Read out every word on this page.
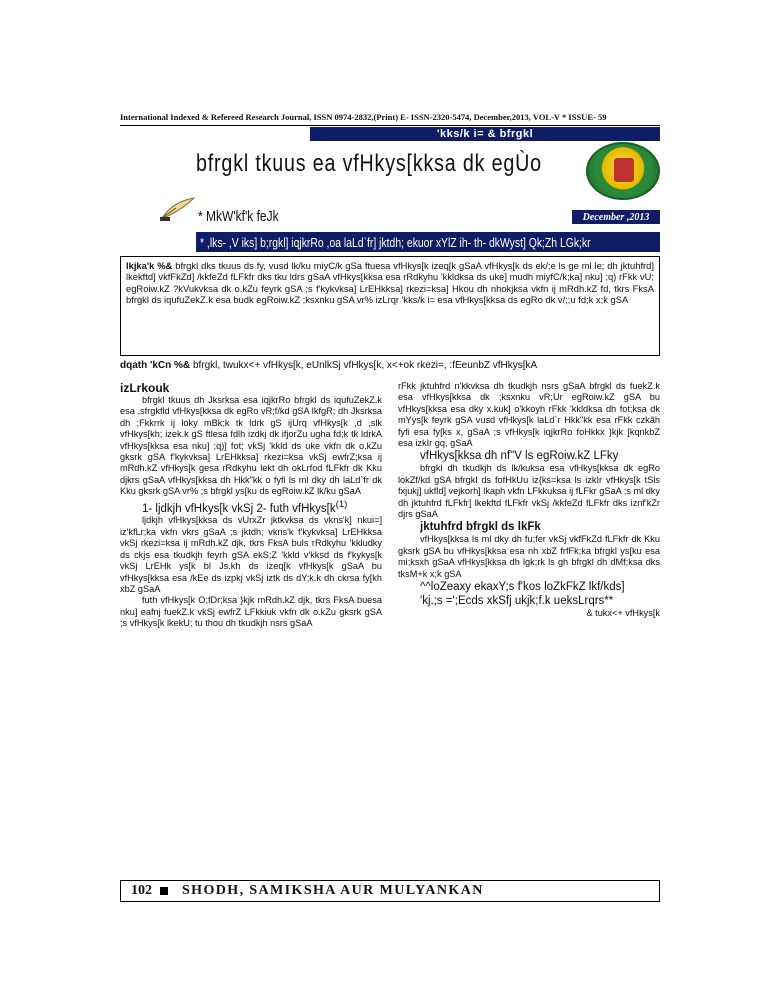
International Indexed & Refereed Research Journal, ISSN 0974-2832,(Print) E- ISSN-2320-5474, December,2013, VOL-V * ISSUE- 59
'kks/k i= & bfrgkl
bfrgkl tkuus ea vfHkys[kksa dk egÙo
* MkW'kf'k feJk	December ,2013
* ,lks- ,V iks] b;rgkl] iqjkrRo ,oa laLd`fr] jktdh; ekuor xYlZ ih- th- dkWyst] Qk;Zh LGk;kr
lkjka'k %& bfrgkl dks tkuus ds fy, vusd lk/ku miyC/k gSa ftuesa vfHkys[k izeq[k gSaA vfHkys[k ds ek/;e ls ge ml le; dh jktuhfrd] lkekftd] vkfFkZd] /kkfeZd fLFkfr dks tku ldrs gSaA vfHkys[kksa esa rRdkyhu 'kkldksa ds uke] mudh miyfC/k;ka] nku] ;q) rFkk vU; egRoiw.kZ ?kVukvksa dk o.kZu feyrk gSA ;s f'kykvksa] LrEHkksa] rkezi=ksa] Hkou dh nhokjksa vkfn ij mRdh.kZ fd, tkrs FksA bfrgkl ds iqufuZekZ.k esa budk egRoiw.kZ ;ksxnku gSA vr% izLrqr 'kks/k i= esa vfHkys[kksa ds egRo dk v/;;u fd;k x;k gSA
dqath 'kCn %& bfrgkl, twukx<+ vfHkys[k, eUnlkSj vfHkys[k, x<+ok rkezi=, :fEeunbZ vfHkys[kA

izLrkouk

bfrgkl tkuus dh Jksrksa esa iqjkrRo bfrgkl ds iqufuZekZ.k esa ,sfrgkfld vfHkys[kksa dk egRo vR;f/kd gSA lkfgR; dh Jksrksa dh ;Fkkrrk ij loky mBk;k tk ldrk gS ijUrq vfHkys[k ,d ,slk vfHkys[kh; izek.k gS ftlesa fdlh izdkj dk ifjorZu ugha fd;k tk ldrkA vfHkys[kksa esa nku] ;q)] fot; vkSj 'kkld ds uke vkfn dk o.kZu gksrk gSA f'kykvksa] LrEHkksa] rkezi=ksa vkSj ewfrZ;ksa ij mRdh.kZ vfHkys[k gesa rRdkyhu lekt dh okLrfod fLFkfr dk Kku djkrs gSaA vfHkys[kksa dh Hkk"kk o fyfi ls ml dky dh laLd`fr dk Kku gksrk gSA vr% ;s bfrgkl ys[ku ds egRoiw.kZ lk/ku gSaA

1- ljdkjh vfHkys[k vkSj 2- futh $vfHkys[k^{(1)}$

ljdkjh vfHkys[kksa ds vUrxZr jktkvksa ds vkns'k] nkui=] iz'kfLr;ka vkfn vkrs gSaA ;s jktdh; vkns'k f'kykvksa] LrEHkksa vkSj rkezi=ksa ij mRdh.kZ djk, tkrs FksA buls rRdkyhu 'kkludky ds ckjs esa tkudkjh feyrh gSA ekS;Z 'kkld v'kksd ds f'kykys[k vkSj LrEHk ys[k bl Js.kh ds izeq[k vfHkys[k gSaA bu vfHkys[kksa esa /kEe ds izpkj vkSj iztk ds dY;k.k dh ckrsa fy[kh xbZ gSaA

futh vfHkys[k O;fDr;ksa }kjk mRdh.kZ djk, tkrs FksA buesa nku] eafnj fuekZ.k vkSj ewfrZ LFkkiuk vkfn dk o.kZu gksrk gSA ;s vfHkys[k lkekU; tu thou dh tkudkjh nsrs gSaA

rFkk jktuhfrd n'kkvksa dh tkudkjh nsrs gSaA bfrgkl ds fuekZ.k esa vfHkys[kksa dk ;ksxnku vR;Ur egRoiw.kZ gSA bu vfHkys[kksa esa dky x.kuk] o'kkoyh rFkk 'kkldksa dh fot;ksa dk mYys[k feyrk gSA vusd vfHkys[k laLd`r Hkk"kk esa rFkk czkãh fyfi esa fy[ks x, gSaA ;s vfHkys[k iqjkrRo foHkkx }kjk [kqnkbZ esa izkIr gq, gSaA

vfHkys[kksa dh nf"V ls egRoiw.kZ LFky

bfrgkl dh tkudkjh ds lk/kuksa esa vfHkys[kksa dk egRo lokZf/kd gSA bfrgkl ds fofHkUu iz{ks=ksa ls izkIr vfHkys[k tSls fxjukj] ukfld] vejkorh] lkaph vkfn LFkkuksa ij fLFkr gSaA ;s ml dky dh jktuhfrd fLFkfr] lkekftd fLFkfr vkSj /kkfeZd fLFkfr dks iznf'kZr djrs gSaA

jktuhfrd bfrgkl ds lkFk

vfHkys[kksa ls ml dky dh fu;fer vkSj vkfFkZd fLFkfr dk Kku gksrk gSA bu vfHkys[kksa esa nh xbZ frfFk;ka bfrgkl ys[ku esa mi;ksxh gSaA vfHkys[kksa dh lgk;rk ls gh bfrgkl dh dMf;ksa dks tksM+k x;k gSA

^^loZeaxy ekaxY;s f'kos loZkFkZ lkf/kds]

'kj.;s =';Ecds xkSfj ukjk;f.k ueksLrqrs**

& tukx<+ vfHkys[k

102	SHODH, SAMIKSHA AUR MULYANKAN
